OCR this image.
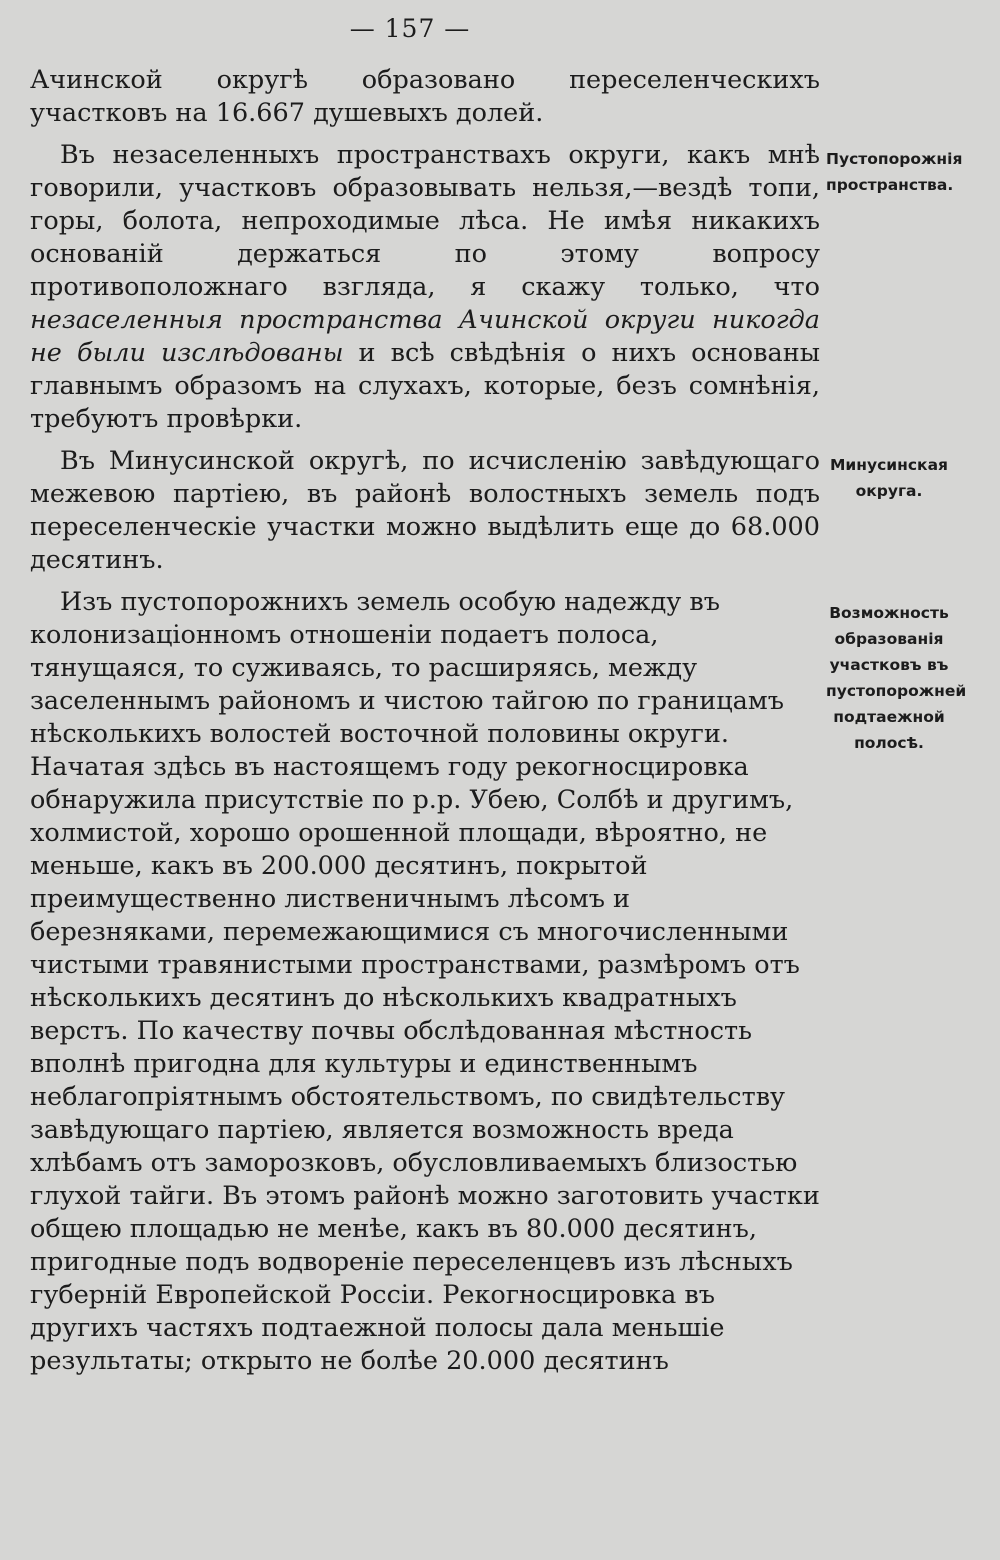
— 157 —

Ачинской округѣ образовано переселенческихъ участковъ на 16.667 душевыхъ долей.

Въ незаселенныхъ пространствахъ округи, какъ мнѣ говорили, участковъ образовывать нельзя,—вездѣ топи, горы, болота, непроходимые лѣса. Не имѣя никакихъ основаній держаться по этому вопросу противоположнаго взгляда, я скажу только, что незаселенныя пространства Ачинской округи никогда не были изслѣдованы и всѣ свѣдѣнія о нихъ основаны главнымъ образомъ на слухахъ, которые, безъ сомнѣнія, требуютъ провѣрки.

Въ Минусинской округѣ, по исчисленію завѣдующаго межевою партіею, въ районѣ волостныхъ земель подъ переселенческіе участки можно выдѣлить еще до 68.000 десятинъ.

Изъ пустопорожнихъ земель особую надежду въ колонизаціонномъ отношеніи подаетъ полоса, тянущаяся, то суживаясь, то расширяясь, между заселеннымъ райономъ и чистою тайгою по границамъ нѣсколькихъ волостей восточной половины округи. Начатая здѣсь въ настоящемъ году рекогносцировка обнаружила присутствіе по р.р. Убею, Солбѣ и другимъ, холмистой, хорошо орошенной площади, вѣроятно, не меньше, какъ въ 200.000 десятинъ, покрытой преимущественно лиственичнымъ лѣсомъ и березняками, перемежающимися съ многочисленными чистыми травянистыми пространствами, размѣромъ отъ нѣсколькихъ десятинъ до нѣсколькихъ квадратныхъ верстъ. По качеству почвы обслѣдованная мѣстность вполнѣ пригодна для культуры и единственнымъ неблагопріятнымъ обстоятельствомъ, по свидѣтельству завѣдующаго партіею, является возможность вреда хлѣбамъ отъ заморозковъ, обусловливаемыхъ близостью глухой тайги. Въ этомъ районѣ можно заготовить участки общею площадью не менѣе, какъ въ 80.000 десятинъ, пригодные подъ водвореніе переселенцевъ изъ лѣсныхъ губерній Европейской Россіи. Рекогносцировка въ другихъ частяхъ подтаежной полосы дала меньшіе результаты; открыто не болѣе 20.000 десятинъ

Пустопорожнія пространства.
Минусинская округа.
Возможность образованія участковъ въ пустопорожней подтаежной полосѣ.
